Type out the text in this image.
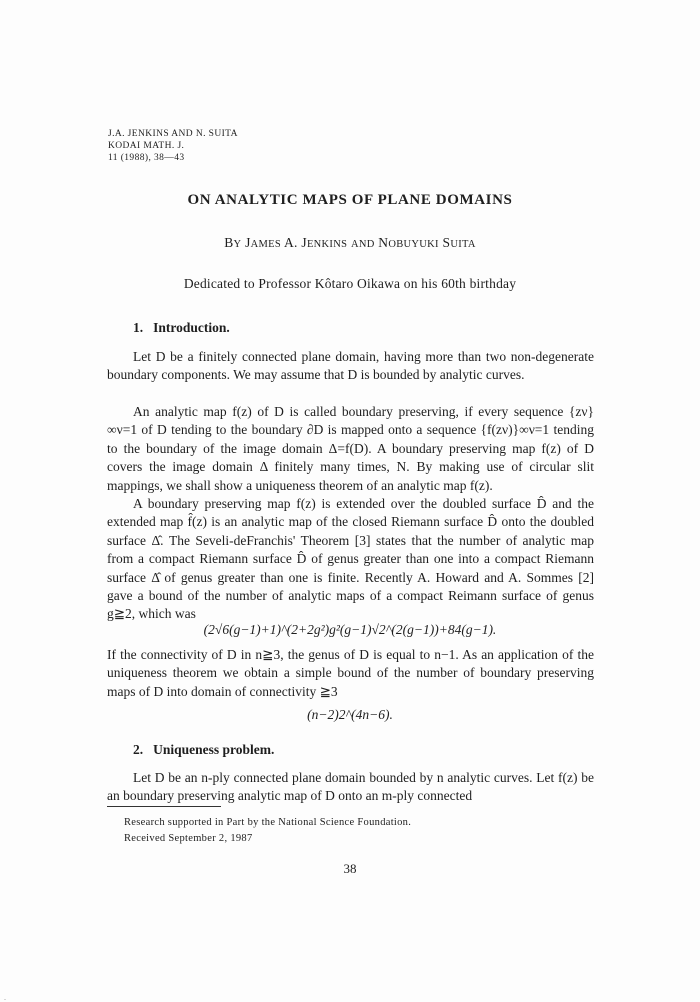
J.A. JENKINS AND N. SUITA
KODAI MATH. J.
11 (1988), 38—43
ON ANALYTIC MAPS OF PLANE DOMAINS
BY JAMES A. JENKINS AND NOBUYUKI SUITA
Dedicated to Professor Kôtaro Oikawa on his 60th birthday
1. Introduction.
Let D be a finitely connected plane domain, having more than two non-degenerate boundary components. We may assume that D is bounded by analytic curves.
An analytic map f(z) of D is called boundary preserving, if every sequence {zν}∞ν=1 of D tending to the boundary ∂D is mapped onto a sequence {f(zν)}∞ν=1 tending to the boundary of the image domain Δ=f(D). A boundary preserving map f(z) of D covers the image domain Δ finitely many times, N. By making use of circular slit mappings, we shall show a uniqueness theorem of an analytic map f(z).
A boundary preserving map f(z) is extended over the doubled surface D̂ and the extended map f̂(z) is an analytic map of the closed Riemann surface D̂ onto the doubled surface Δ̂. The Seveli-deFranchis' Theorem [3] states that the number of analytic map from a compact Riemann surface D̂ of genus greater than one into a compact Riemann surface Δ̂ of genus greater than one is finite. Recently A. Howard and A. Sommes [2] gave a bound of the number of analytic maps of a compact Reimann surface of genus g≧2, which was
(2√6(g−1)+1)^(2+2g²)g²(g−1)√2^(2(g−1))+84(g−1).
If the connectivity of D in n≧3, the genus of D is equal to n−1. As an application of the uniqueness theorem we obtain a simple bound of the number of boundary preserving maps of D into domain of connectivity ≧3
(n−2)2^(4n−6).
2. Uniqueness problem.
Let D be an n-ply connected plane domain bounded by n analytic curves. Let f(z) be an boundary preserving analytic map of D onto an m-ply connected
Research supported in Part by the National Science Foundation.
Received September 2, 1987
38
.
